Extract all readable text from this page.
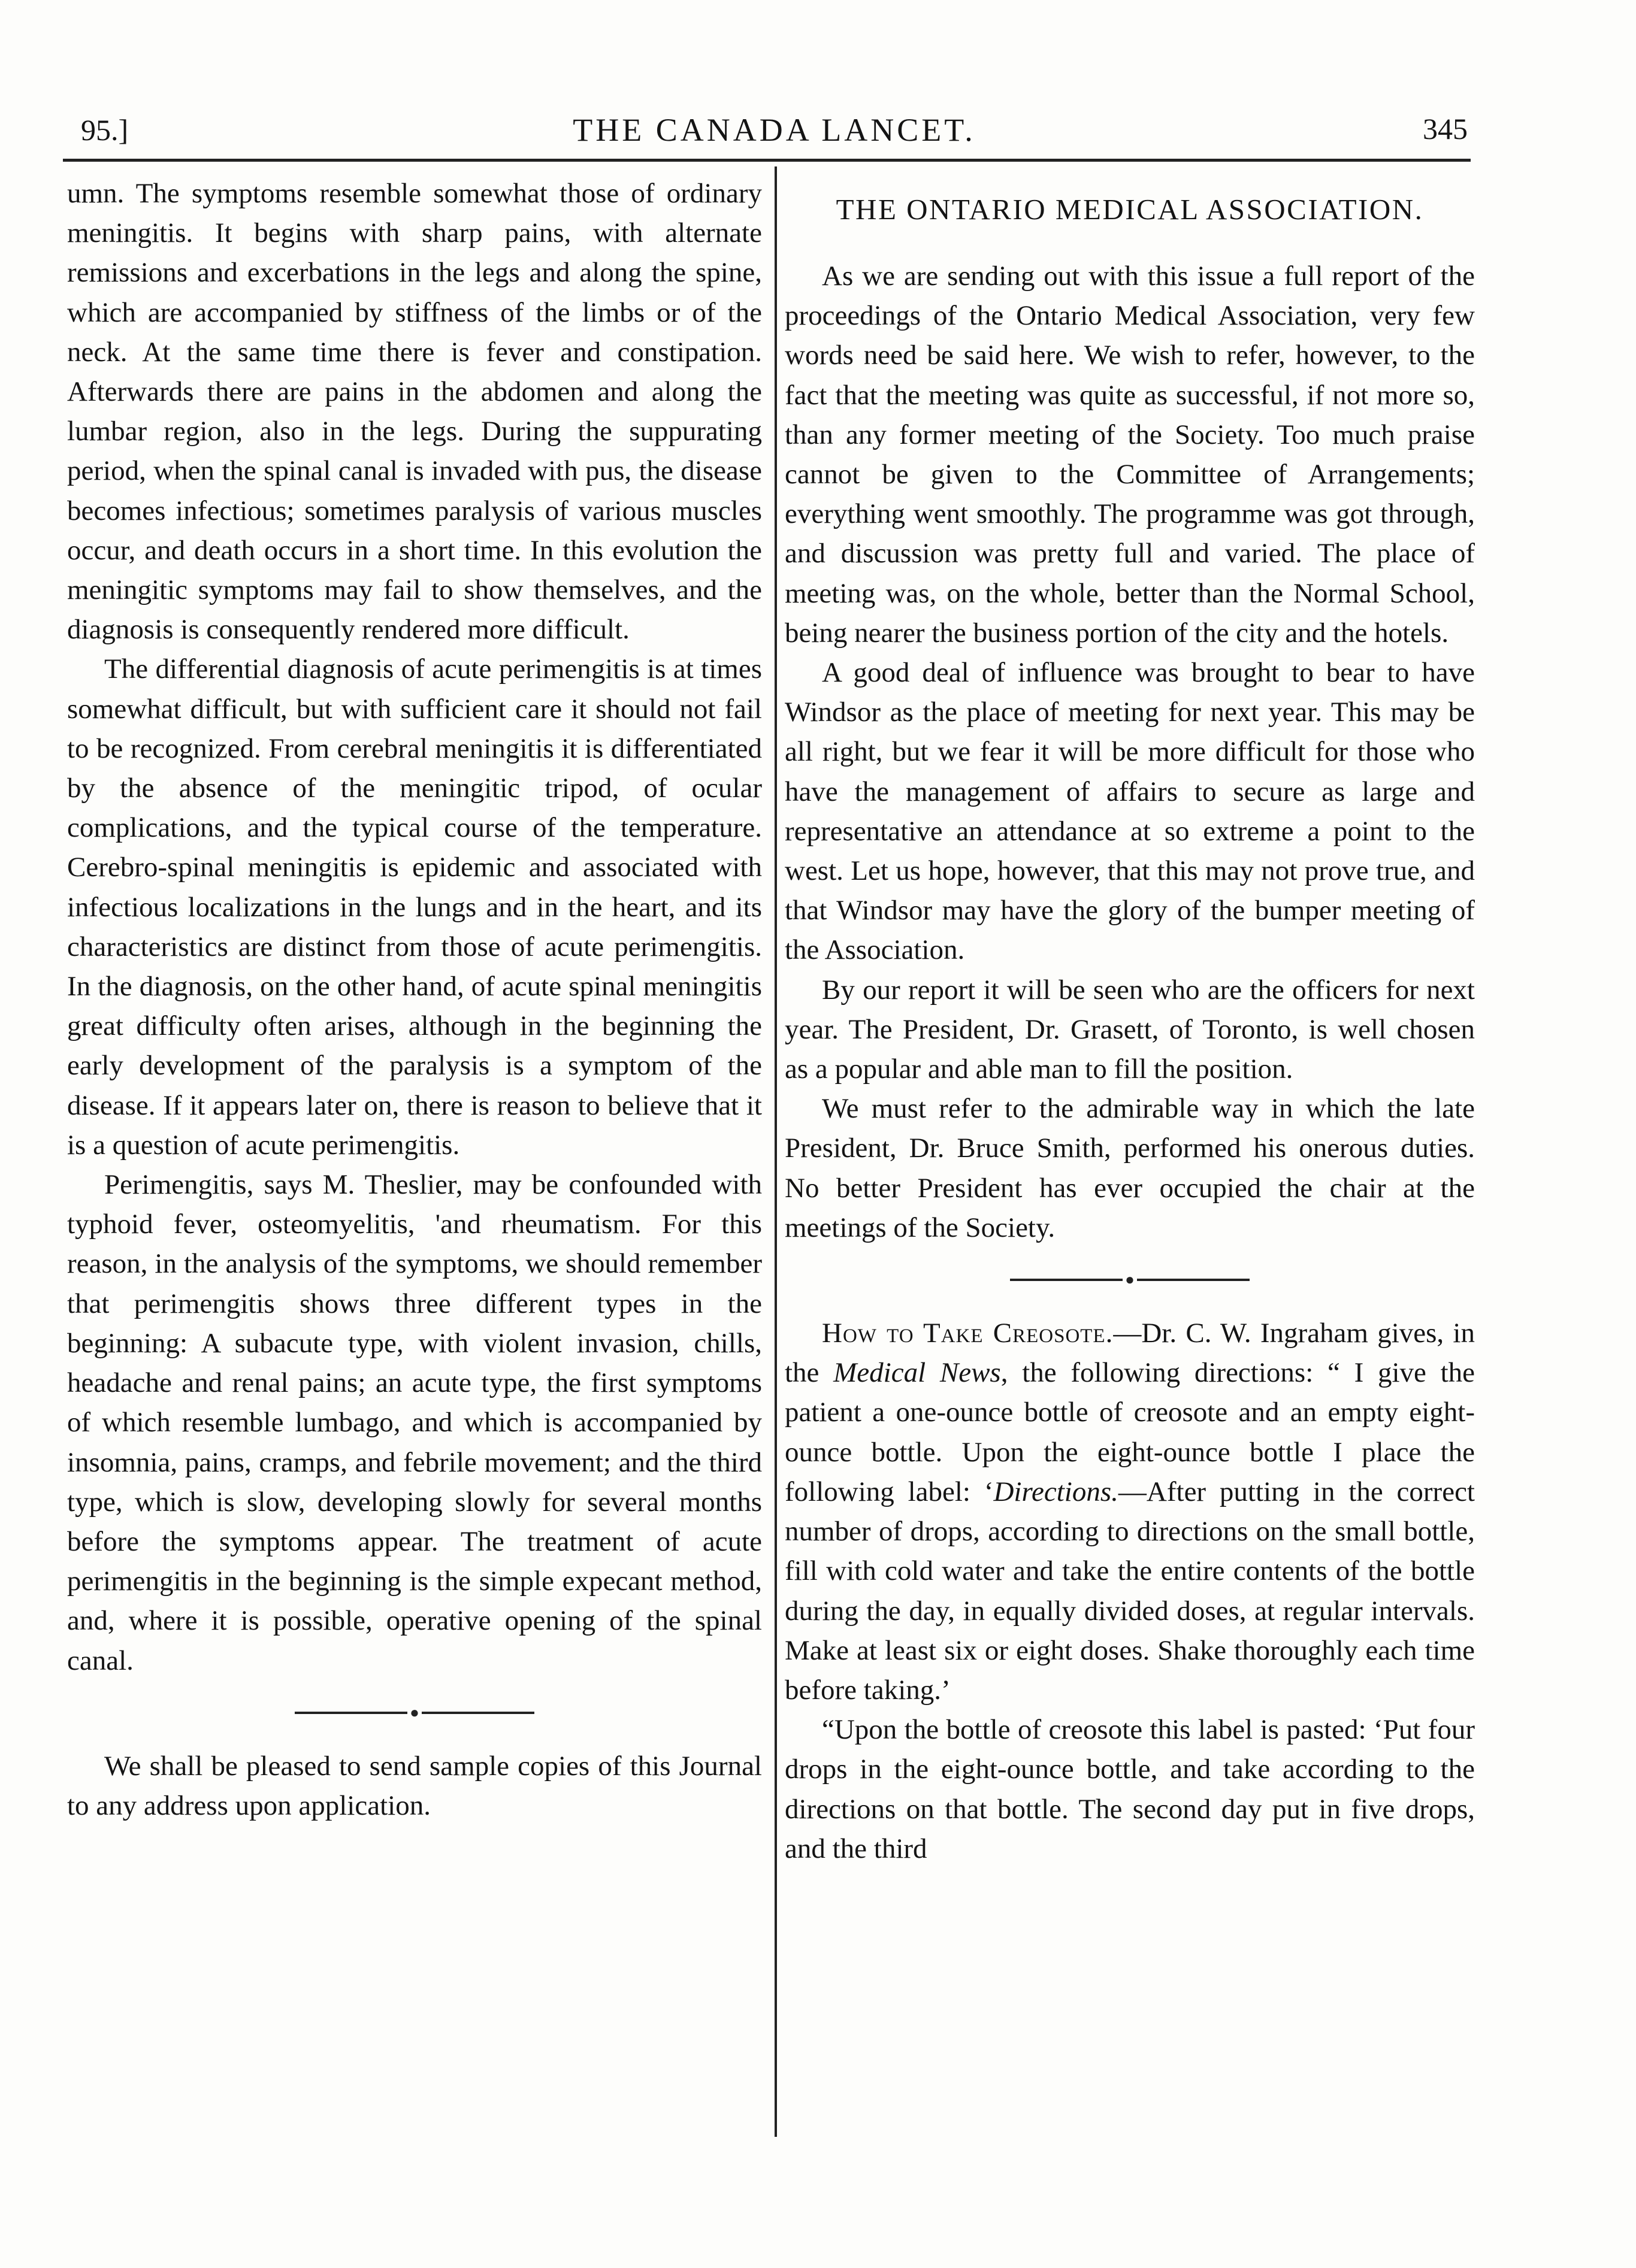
95.]	THE CANADA LANCET.	345

umn. The symptoms resemble somewhat those of ordinary meningitis. It begins with sharp pains, with alternate remissions and excerbations in the legs and along the spine, which are accompanied by stiffness of the limbs or of the neck. At the same time there is fever and constipation. Afterwards there are pains in the abdomen and along the lumbar region, also in the legs. During the suppurating period, when the spinal canal is invaded with pus, the disease becomes infectious; sometimes paralysis of various muscles occur, and death occurs in a short time. In this evolution the meningitic symptoms may fail to show themselves, and the diagnosis is consequently rendered more difficult.

The differential diagnosis of acute perimengitis is at times somewhat difficult, but with sufficient care it should not fail to be recognized. From cerebral meningitis it is differentiated by the absence of the meningitic tripod, of ocular complications, and the typical course of the temperature. Cerebro-spinal meningitis is epidemic and associated with infectious localizations in the lungs and in the heart, and its characteristics are distinct from those of acute perimengitis. In the diagnosis, on the other hand, of acute spinal meningitis great difficulty often arises, although in the beginning the early development of the paralysis is a symptom of the disease. If it appears later on, there is reason to believe that it is a question of acute perimengitis.

Perimengitis, says M. Theslier, may be confounded with typhoid fever, osteomyelitis, 'and rheumatism. For this reason, in the analysis of the symptoms, we should remember that perimengitis shows three different types in the beginning: A subacute type, with violent invasion, chills, headache and renal pains; an acute type, the first symptoms of which resemble lumbago, and which is accompanied by insomnia, pains, cramps, and febrile movement; and the third type, which is slow, developing slowly for several months before the symptoms appear. The treatment of acute perimengitis in the beginning is the simple expecant method, and, where it is possible, operative opening of the spinal canal.

●

We shall be pleased to send sample copies of this Journal to any address upon application.

THE ONTARIO MEDICAL ASSOCIATION.

As we are sending out with this issue a full report of the proceedings of the Ontario Medical Association, very few words need be said here. We wish to refer, however, to the fact that the meeting was quite as successful, if not more so, than any former meeting of the Society. Too much praise cannot be given to the Committee of Arrangements; everything went smoothly. The programme was got through, and discussion was pretty full and varied. The place of meeting was, on the whole, better than the Normal School, being nearer the business portion of the city and the hotels.

A good deal of influence was brought to bear to have Windsor as the place of meeting for next year. This may be all right, but we fear it will be more difficult for those who have the management of affairs to secure as large and representative an attendance at so extreme a point to the west. Let us hope, however, that this may not prove true, and that Windsor may have the glory of the bumper meeting of the Association.

By our report it will be seen who are the officers for next year. The President, Dr. Grasett, of Toronto, is well chosen as a popular and able man to fill the position.

We must refer to the admirable way in which the late President, Dr. Bruce Smith, performed his onerous duties. No better President has ever occupied the chair at the meetings of the Society.

●

How to Take Creosote.—Dr. C. W. Ingraham gives, in the Medical News, the following directions: “ I give the patient a one-ounce bottle of creosote and an empty eight-ounce bottle. Upon the eight-ounce bottle I place the following label: ‘Directions.—After putting in the correct number of drops, according to directions on the small bottle, fill with cold water and take the entire contents of the bottle during the day, in equally divided doses, at regular intervals. Make at least six or eight doses. Shake thoroughly each time before taking.’

“Upon the bottle of creosote this label is pasted: ‘Put four drops in the eight-ounce bottle, and take according to the directions on that bottle. The second day put in five drops, and the third
